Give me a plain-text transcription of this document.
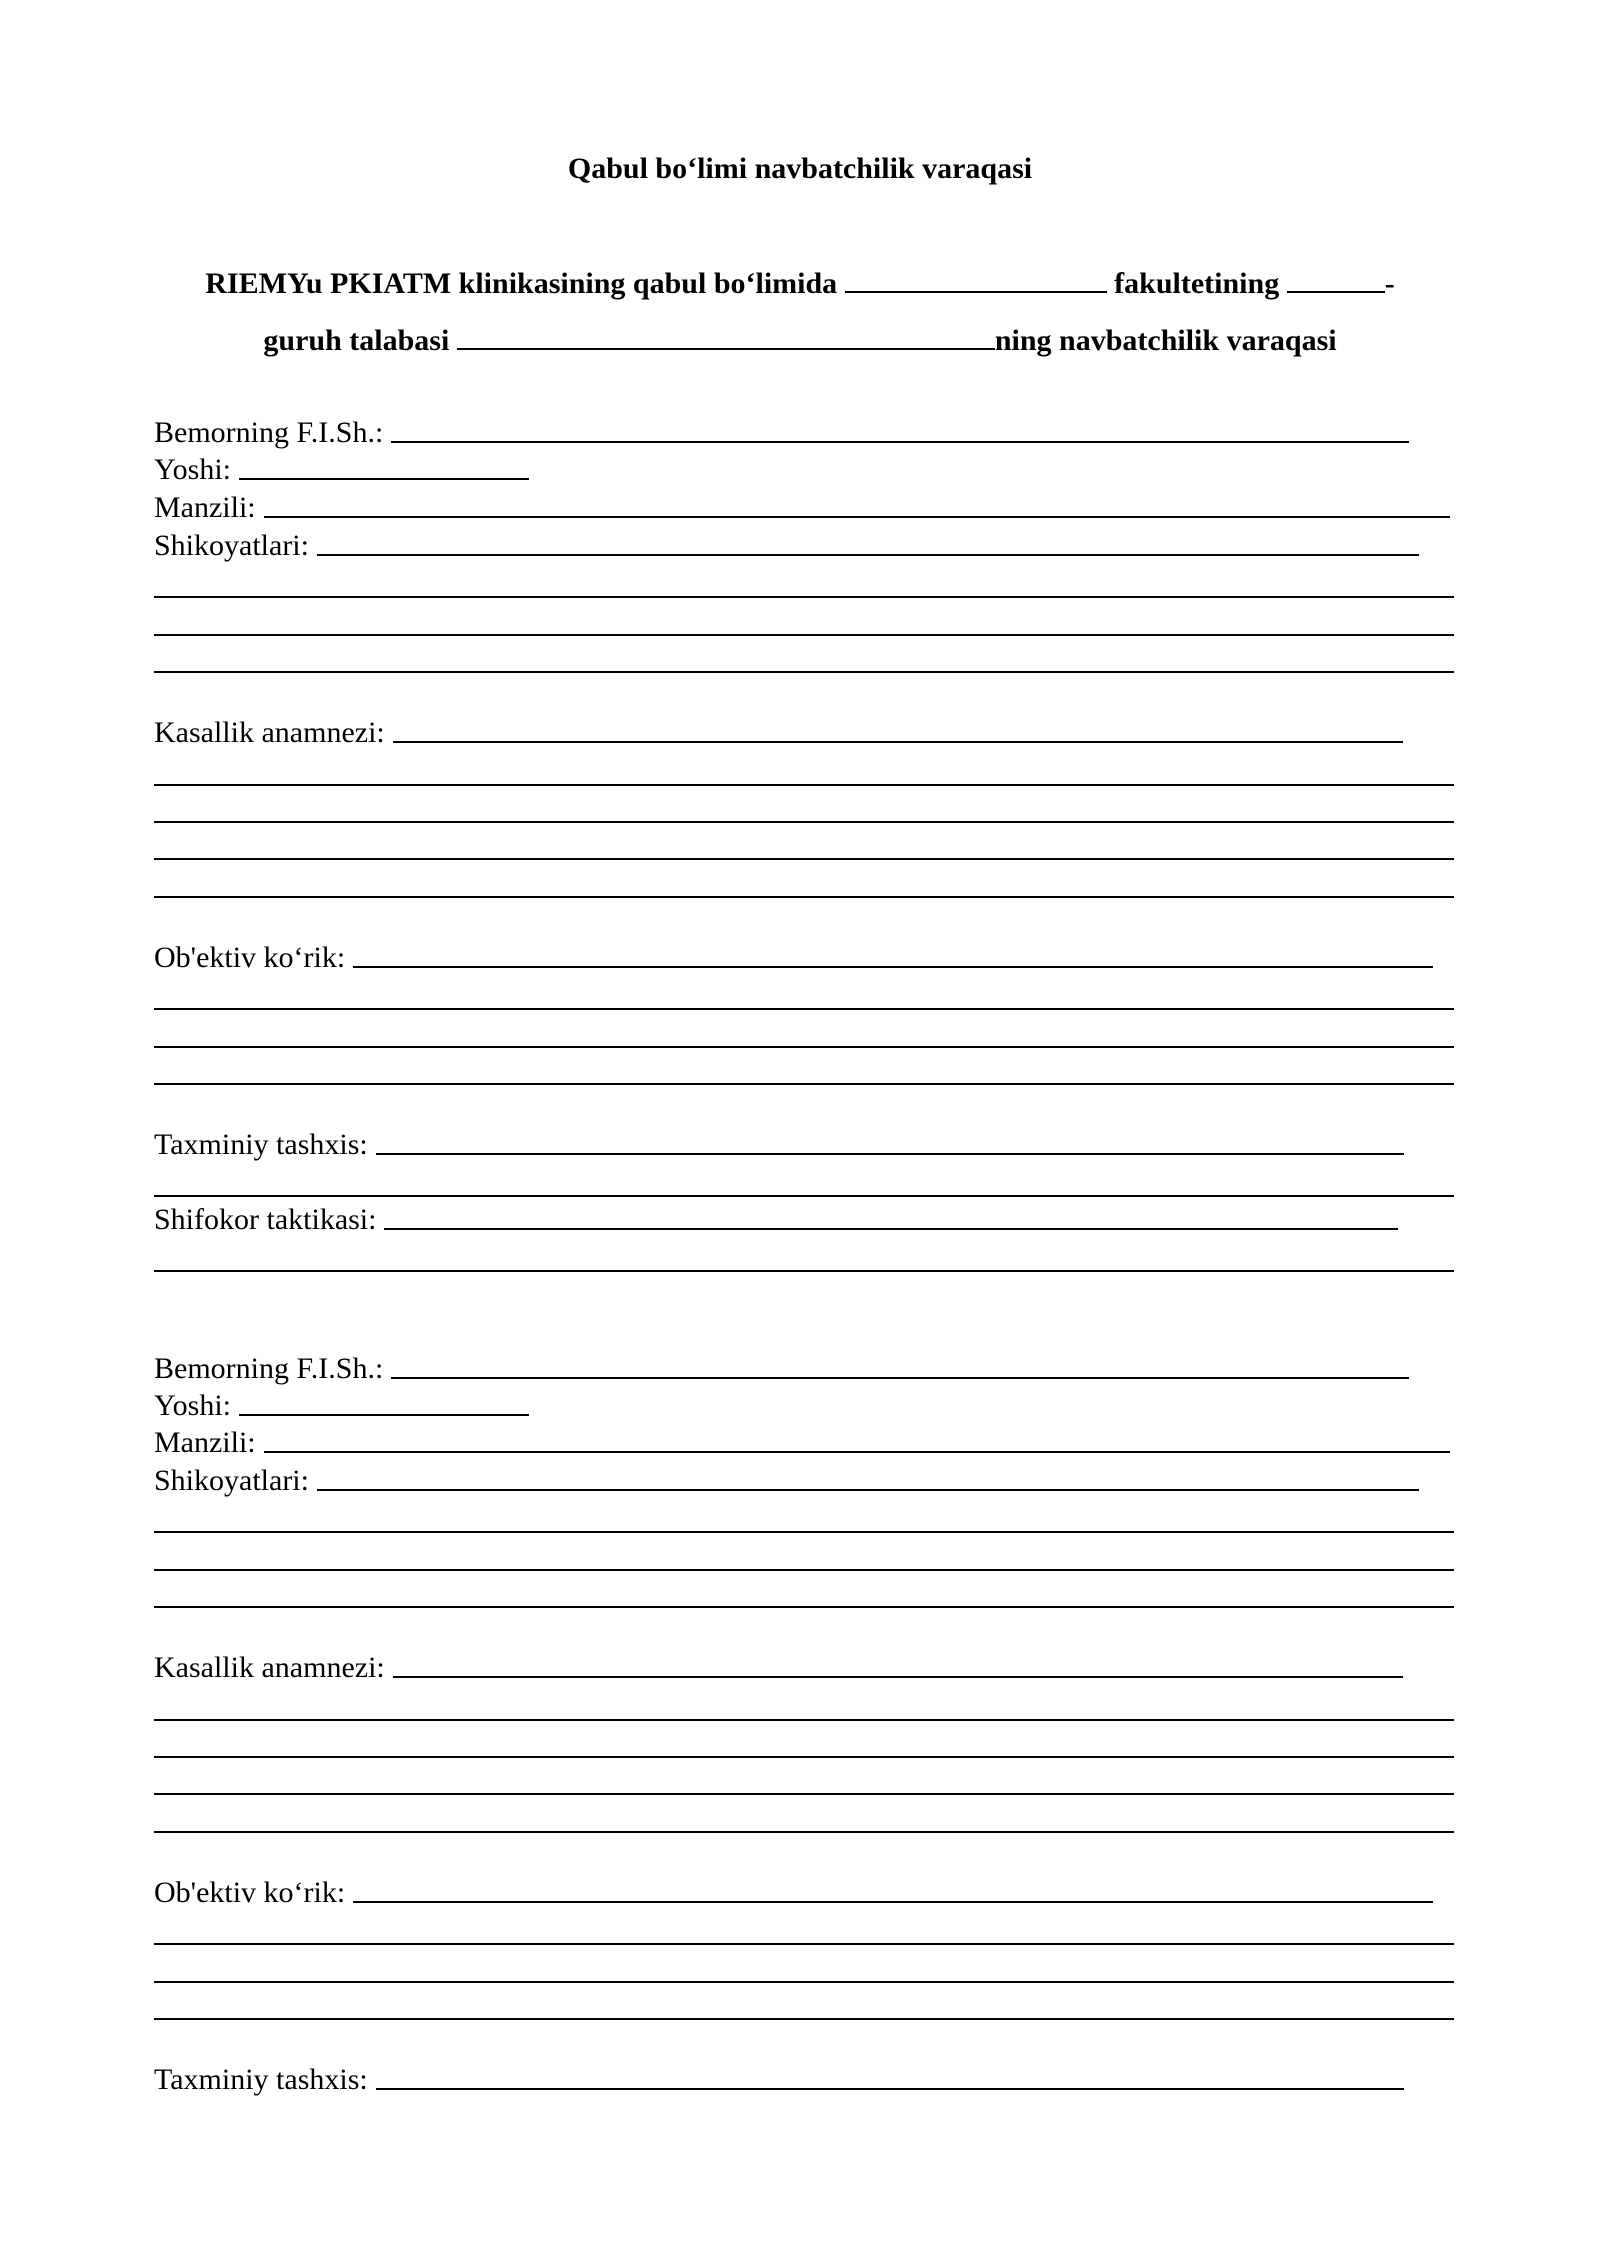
Qabul bo‘limi navbatchilik varaqasi
RIEMYu PKIATM klinikasining qabul bo‘limida	fakultetining	-
guruh talabasi	ning navbatchilik varaqasi
Bemorning F.I.Sh.:
Yoshi:
Manzili:
Shikoyatlari:
Kasallik anamnezi:
Ob'ektiv ko‘rik:
Taxminiy tashxis:
Shifokor taktikasi:
Bemorning F.I.Sh.:
Yoshi:
Manzili:
Shikoyatlari:
Kasallik anamnezi:
Ob'ektiv ko‘rik:
Taxminiy tashxis:
